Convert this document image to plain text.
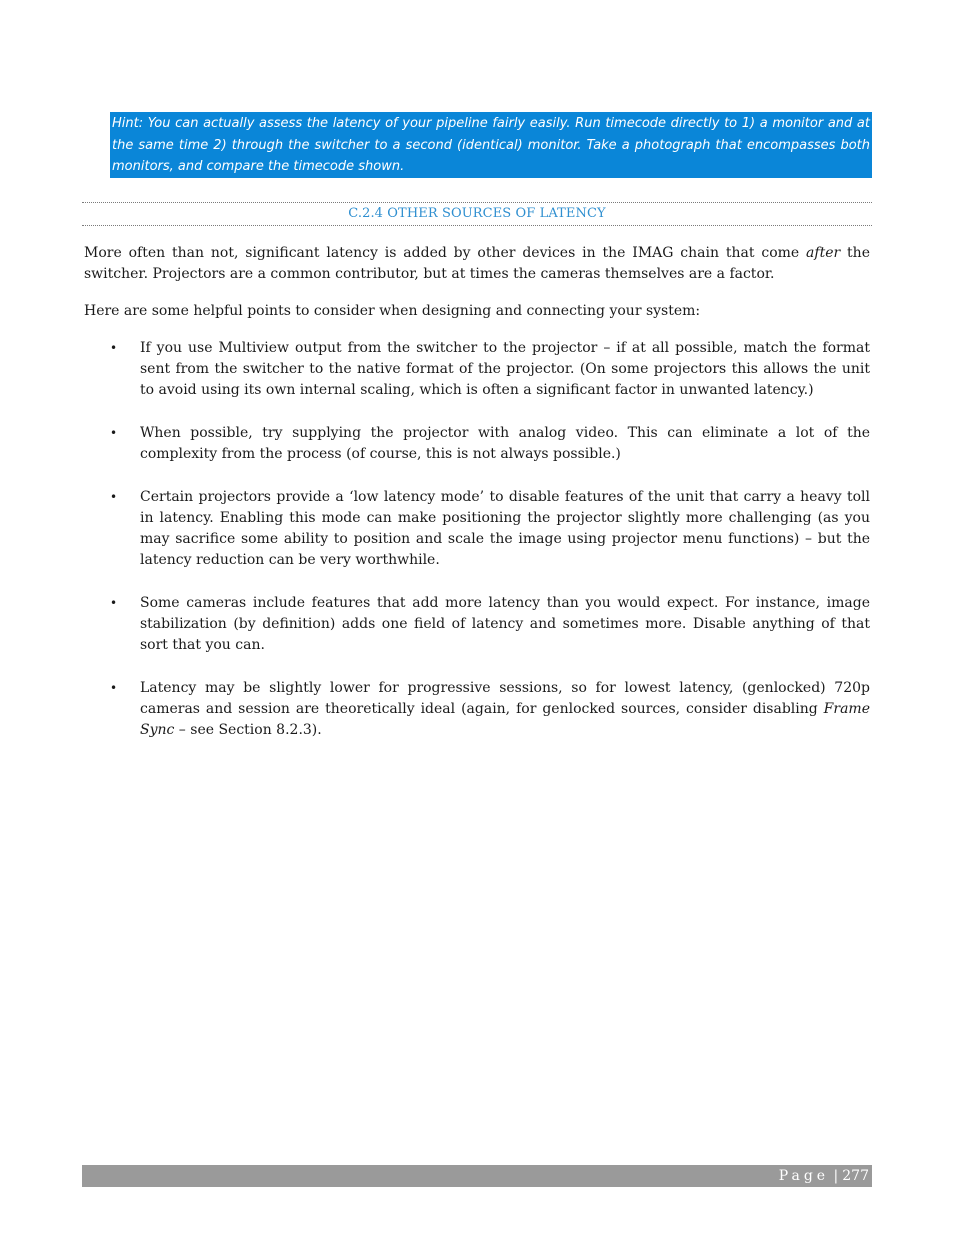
Hint: You can actually assess the latency of your pipeline fairly easily. Run timecode directly to 1) a monitor and at the same time 2) through the switcher to a second (identical) monitor. Take a photograph that encompasses both monitors, and compare the timecode shown.
C.2.4 OTHER SOURCES OF LATENCY

More often than not, significant latency is added by other devices in the IMAG chain that come after the switcher. Projectors are a common contributor, but at times the cameras themselves are a factor.

Here are some helpful points to consider when designing and connecting your system:

• If you use Multiview output from the switcher to the projector – if at all possible, match the format sent from the switcher to the native format of the projector. (On some projectors this allows the unit to avoid using its own internal scaling, which is often a significant factor in unwanted latency.)
• When possible, try supplying the projector with analog video. This can eliminate a lot of the complexity from the process (of course, this is not always possible.)
• Certain projectors provide a ‘low latency mode’ to disable features of the unit that carry a heavy toll in latency. Enabling this mode can make positioning the projector slightly more challenging (as you may sacrifice some ability to position and scale the image using projector menu functions) – but the latency reduction can be very worthwhile.
• Some cameras include features that add more latency than you would expect. For instance, image stabilization (by definition) adds one field of latency and sometimes more. Disable anything of that sort that you can.
• Latency may be slightly lower for progressive sessions, so for lowest latency, (genlocked) 720p cameras and session are theoretically ideal (again, for genlocked sources, consider disabling Frame Sync – see Section 8.2.3).
Page | 277
